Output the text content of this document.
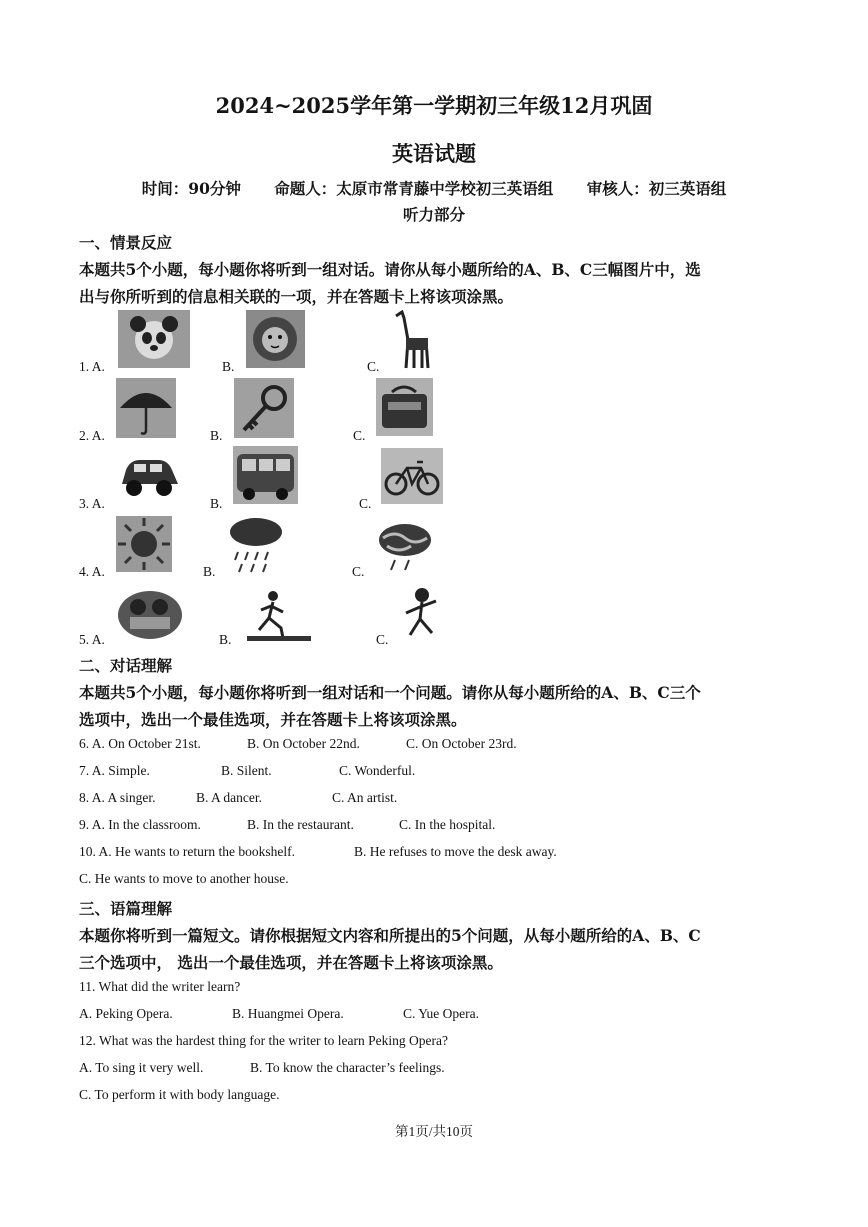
2024~2025学年第一学期初三年级12月巩固
英语试题
时间：90分钟 命题人：太原市常青藤中学校初三英语组 审核人：初三英语组
听力部分
一、情景反应
本题共5个小题，每小题你将听到一组对话。请你从每小题所给的A、B、C三幅图片中，选
出与你所听到的信息相关联的一项，并在答题卡上将该项涂黑。
1. A.	B.	C.
2. A.	B.	C.
3. A.	B.	C.
4. A.	B.	C.
5. A.	B.	C.
二、对话理解
本题共5个小题，每小题你将听到一组对话和一个问题。请你从每小题所给的A、B、C三个
选项中，选出一个最佳选项，并在答题卡上将该项涂黑。
6. A. On October 21st.	B. On October 22nd.	C. On October 23rd.
7. A. Simple.	B. Silent.	C. Wonderful.
8. A. A singer.	B. A dancer.	C. An artist.
9. A. In the classroom.	B. In the restaurant.	C. In the hospital.
10. A. He wants to return the bookshelf.	B. He refuses to move the desk away.
C. He wants to move to another house.
三、语篇理解
本题你将听到一篇短文。请你根据短文内容和所提出的5个问题，从每小题所给的A、B、C
三个选项中， 选出一个最佳选项，并在答题卡上将该项涂黑。
11. What did the writer learn?
A. Peking Opera.	B. Huangmei Opera.	C. Yue Opera.
12. What was the hardest thing for the writer to learn Peking Opera?
A. To sing it very well.	B. To know the character’s feelings.
C. To perform it with body language.
第1页/共10页
